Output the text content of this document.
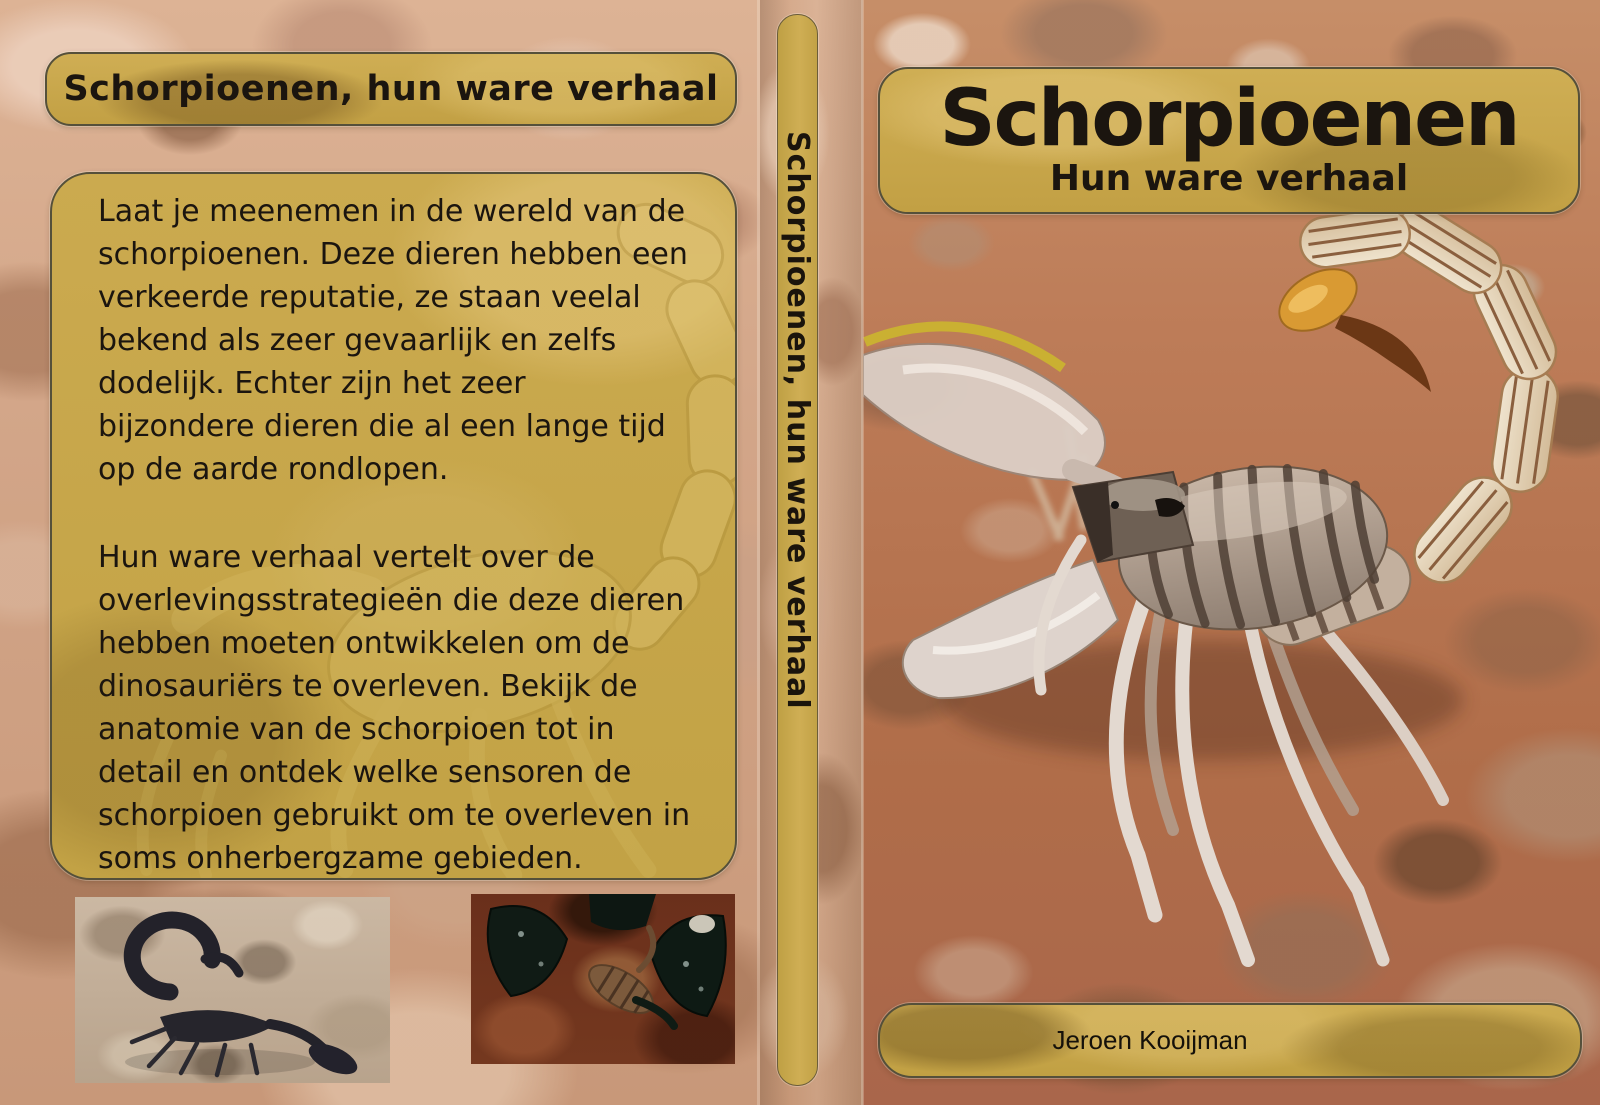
Schorpioenen, hun ware verhaal

Laat je meenemen in de wereld van de schorpioenen. Deze dieren hebben een verkeerde reputatie, ze staan veelal bekend als zeer gevaarlijk en zelfs dodelijk. Echter zijn het zeer bijzondere dieren die al een lange tijd op de aarde rondlopen.

Hun ware verhaal vertelt over de overlevingsstrategieën die deze dieren hebben moeten ontwikkelen om de dinosauriërs te overleven. Bekijk de anatomie van de schorpioen tot in detail en ontdek welke sensoren de schorpioen gebruikt om te overleven in soms onherbergzame gebieden.

Schorpioenen, hun ware verhaal
Schorpioenen
Hun ware verhaal
Jeroen Kooijman
